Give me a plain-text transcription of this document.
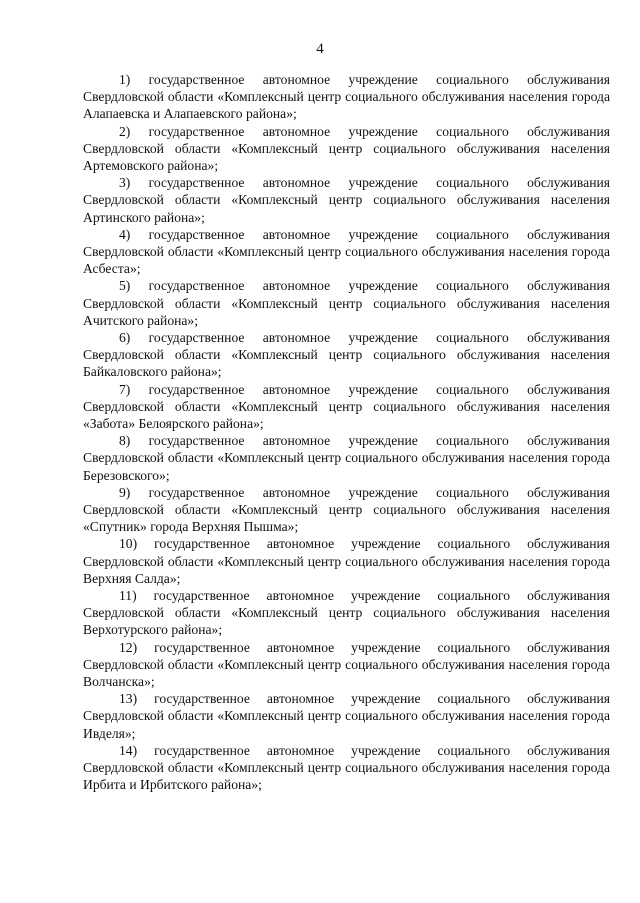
4

1) государственное автономное учреждение социального обслуживания Свердловской области «Комплексный центр социального обслуживания населения города Алапаевска и Алапаевского района»;

2) государственное автономное учреждение социального обслуживания Свердловской области «Комплексный центр социального обслуживания населения Артемовского района»;

3) государственное автономное учреждение социального обслуживания Свердловской области «Комплексный центр социального обслуживания населения Артинского района»;

4) государственное автономное учреждение социального обслуживания Свердловской области «Комплексный центр социального обслуживания населения города Асбеста»;

5) государственное автономное учреждение социального обслуживания Свердловской области «Комплексный центр социального обслуживания населения Ачитского района»;

6) государственное автономное учреждение социального обслуживания Свердловской области «Комплексный центр социального обслуживания населения Байкаловского района»;

7) государственное автономное учреждение социального обслуживания Свердловской области «Комплексный центр социального обслуживания населения «Забота» Белоярского района»;

8) государственное автономное учреждение социального обслуживания Свердловской области «Комплексный центр социального обслуживания населения города Березовского»;

9) государственное автономное учреждение социального обслуживания Свердловской области «Комплексный центр социального обслуживания населения «Спутник» города Верхняя Пышма»;

10) государственное автономное учреждение социального обслуживания Свердловской области «Комплексный центр социального обслуживания населения города Верхняя Салда»;

11) государственное автономное учреждение социального обслуживания Свердловской области «Комплексный центр социального обслуживания населения Верхотурского района»;

12) государственное автономное учреждение социального обслуживания Свердловской области «Комплексный центр социального обслуживания населения города Волчанска»;

13) государственное автономное учреждение социального обслуживания Свердловской области «Комплексный центр социального обслуживания населения города Ивделя»;

14) государственное автономное учреждение социального обслуживания Свердловской области «Комплексный центр социального обслуживания населения города Ирбита и Ирбитского района»;
